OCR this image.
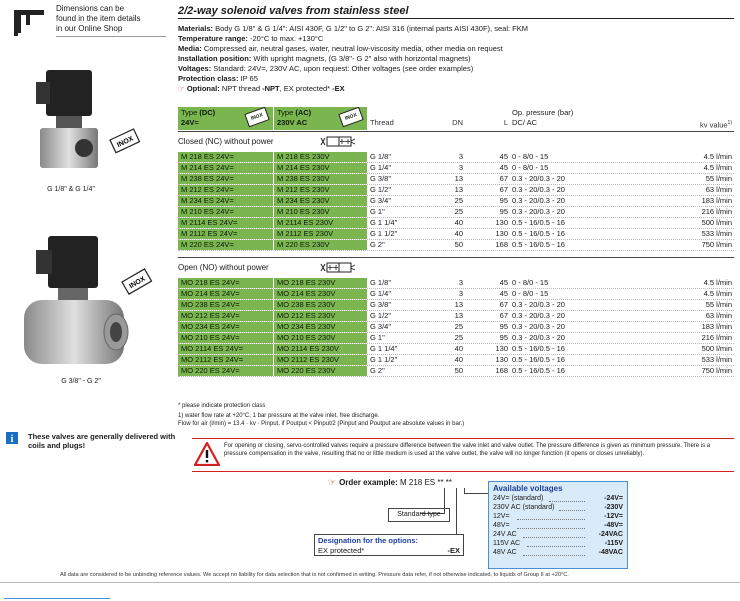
Dimensions can be
found in the item details
in our Online Shop
INOX
G 1/8" & G 1/4"
INOX
G 3/8" - G 2"
i These valves are generally delivered with coils and plugs!
2/2-way solenoid valves from stainless steel

Materials: Body G 1/8" & G 1/4": AISI 430F, G 1/2" to G 2": AISI 316 (internal parts AISI 430F), seal: FKM

Temperature range: -20°C to max. +130°C

Media: Compressed air, neutral gases, water, neutral low-viscosity media, other media on request

Installation position: With upright magnets, (G 3/8"- G 2" also with horizontal magnets)

Voltages: Standard: 24V=, 230V AC, upon request: Other voltages (see order examples)

Protection class: IP 65

☞ Optional: NPT thread -NPT, EX protected* -EX

Type (DC)
24V=
INOX	Type (AC)
230V AC
INOX
Thread	DN	L
Op. pressure (bar)
DC/ AC	kv value$^{1)}$
Closed (NC) without power
M 218 ES 24V=	M 218 ES 230V	G 1/8"	3	45 0 - 8/0 - 15	4.5 l/min
M 214 ES 24V=	M 214 ES 230V	G 1/4"	3	45 0 - 8/0 - 15	4.5 l/min
M 238 ES 24V=	M 238 ES 230V	G 3/8"	13	67 0.3 - 20/0.3 - 20	55 l/min
M 212 ES 24V=	M 212 ES 230V	G 1/2"	13	67 0.3 - 20/0.3 - 20	63 l/min
M 234 ES 24V=	M 234 ES 230V	G 3/4"	25	95 0.3 - 20/0.3 - 20	183 l/min
M 210 ES 24V=	M 210 ES 230V	G 1"	25	95 0.3 - 20/0.3 - 20	216 l/min
M 2114 ES 24V=	M 2114 ES 230V	G 1 1/4"	40	130 0.5 - 16/0.5 - 16	500 l/min
M 2112 ES 24V=	M 2112 ES 230V	G 1 1/2"	40	130 0.5 - 16/0.5 - 16	533 l/min
M 220 ES 24V=	M 220 ES 230V	G 2"	50	168 0.5 - 16/0.5 - 16	750 l/min
Open (NO) without power
MO 218 ES 24V=	MO 218 ES 230V	G 1/8"	3	45 0 - 8/0 - 15	4.5 l/min
MO 214 ES 24V=	MO 214 ES 230V	G 1/4"	3	45 0 - 8/0 - 15	4.5 l/min
MO 238 ES 24V=	MO 238 ES 230V	G 3/8"	13	67 0.3 - 20/0.3 - 20	55 l/min
MO 212 ES 24V=	MO 212 ES 230V	G 1/2"	13	67 0.3 - 20/0.3 - 20	63 l/min
MO 234 ES 24V=	MO 234 ES 230V	G 3/4"	25	95 0.3 - 20/0.3 - 20	183 l/min
MO 210 ES 24V=	MO 210 ES 230V	G 1"	25	95 0.3 - 20/0.3 - 20	216 l/min
MO 2114 ES 24V=	MO 2114 ES 230V	G 1 1/4"	40	130 0.5 - 16/0.5 - 16	500 l/min
MO 2112 ES 24V=	MO 2112 ES 230V	G 1 1/2"	40	130 0.5 - 16/0.5 - 16	533 l/min
MO 220 ES 24V=	MO 220 ES 230V	G 2"	50	168 0.5 - 16/0.5 - 16	750 l/min
* please indicate protection class
1) water flow rate at +20°C, 1 bar pressure at the valve inlet, free discharge.
Flow for air (l/min) = 13.4 · kv · Pinput, if Poutput < Pinput/2 (Pinput and Poutput are absolute values in bar.)
For opening or closing, servo-controlled valves require a pressure difference between the valve inlet and valve outlet. The pressure difference is given as minimum pressure. There is a pressure compensation in the valve, resulting that no or little medium is used at the valve outlet, the valve will no longer function (it opens or closes unreliably).
☞ Order example: M 218 ES ** **
Standard type
Designation for the options:
EX protected*	-EX
Available voltages
24V= (standard)	-24V=
230V AC (standard)	-230V
12V=	-12V=
48V=	-48V=
24V AC	-24VAC
115V AC	-115V
48V AC	-48VAC
All data are considered to be unbinding reference values. We accept no liability for data selection that is not confirmed in writing. Pressure data refer, if not otherwise indicated, to liquids of Group II at +20°C.
